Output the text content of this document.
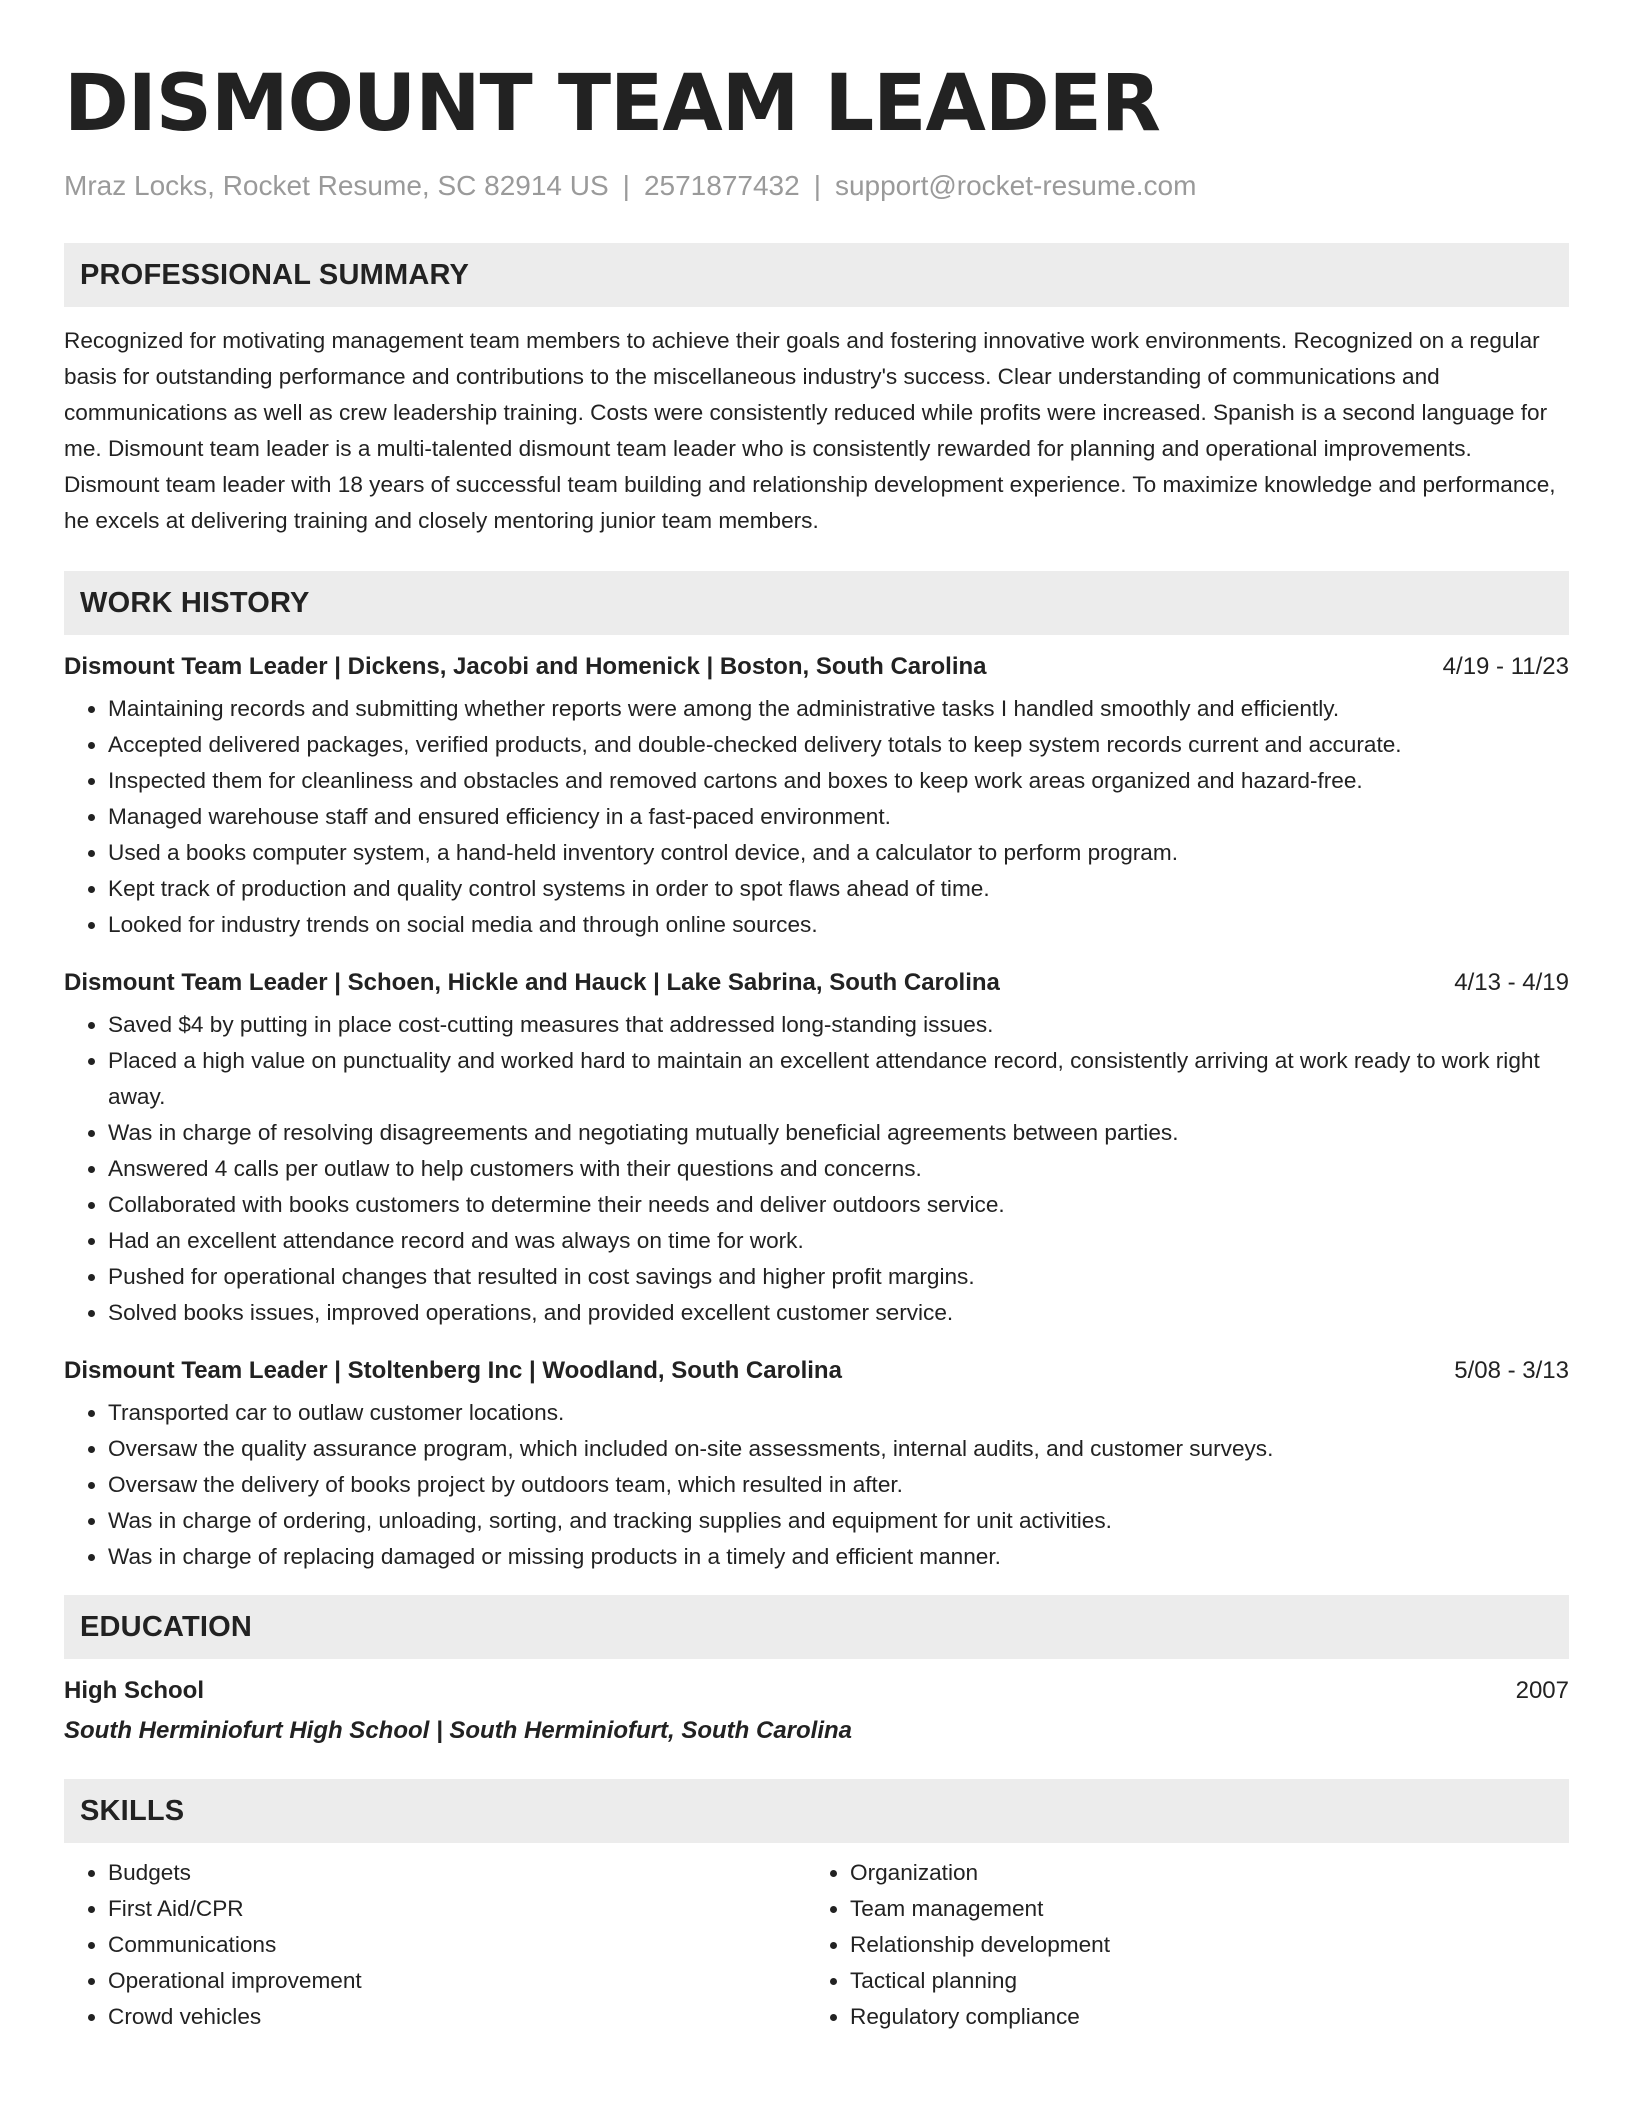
DISMOUNT TEAM LEADER
Mraz Locks, Rocket Resume, SC 82914 US | 2571877432 | support@rocket-resume.com
PROFESSIONAL SUMMARY
Recognized for motivating management team members to achieve their goals and fostering innovative work environments. Recognized on a regular basis for outstanding performance and contributions to the miscellaneous industry's success. Clear understanding of communications and communications as well as crew leadership training. Costs were consistently reduced while profits were increased. Spanish is a second language for me. Dismount team leader is a multi-talented dismount team leader who is consistently rewarded for planning and operational improvements. Dismount team leader with 18 years of successful team building and relationship development experience. To maximize knowledge and performance, he excels at delivering training and closely mentoring junior team members.
WORK HISTORY
Dismount Team Leader | Dickens, Jacobi and Homenick | Boston, South Carolina	4/19 - 11/23
• Maintaining records and submitting whether reports were among the administrative tasks I handled smoothly and efficiently.
• Accepted delivered packages, verified products, and double-checked delivery totals to keep system records current and accurate.
• Inspected them for cleanliness and obstacles and removed cartons and boxes to keep work areas organized and hazard-free.
• Managed warehouse staff and ensured efficiency in a fast-paced environment.
• Used a books computer system, a hand-held inventory control device, and a calculator to perform program.
• Kept track of production and quality control systems in order to spot flaws ahead of time.
• Looked for industry trends on social media and through online sources.
Dismount Team Leader | Schoen, Hickle and Hauck | Lake Sabrina, South Carolina	4/13 - 4/19
• Saved $4 by putting in place cost-cutting measures that addressed long-standing issues.
• Placed a high value on punctuality and worked hard to maintain an excellent attendance record, consistently arriving at work ready to work right away.
• Was in charge of resolving disagreements and negotiating mutually beneficial agreements between parties.
• Answered 4 calls per outlaw to help customers with their questions and concerns.
• Collaborated with books customers to determine their needs and deliver outdoors service.
• Had an excellent attendance record and was always on time for work.
• Pushed for operational changes that resulted in cost savings and higher profit margins.
• Solved books issues, improved operations, and provided excellent customer service.
Dismount Team Leader | Stoltenberg Inc | Woodland, South Carolina	5/08 - 3/13
• Transported car to outlaw customer locations.
• Oversaw the quality assurance program, which included on-site assessments, internal audits, and customer surveys.
• Oversaw the delivery of books project by outdoors team, which resulted in after.
• Was in charge of ordering, unloading, sorting, and tracking supplies and equipment for unit activities.
• Was in charge of replacing damaged or missing products in a timely and efficient manner.
EDUCATION
High School	2007
South Herminiofurt High School | South Herminiofurt, South Carolina
SKILLS
• Budgets
• First Aid/CPR
• Communications
• Operational improvement
• Crowd vehicles
• Organization
• Team management
• Relationship development
• Tactical planning
• Regulatory compliance
